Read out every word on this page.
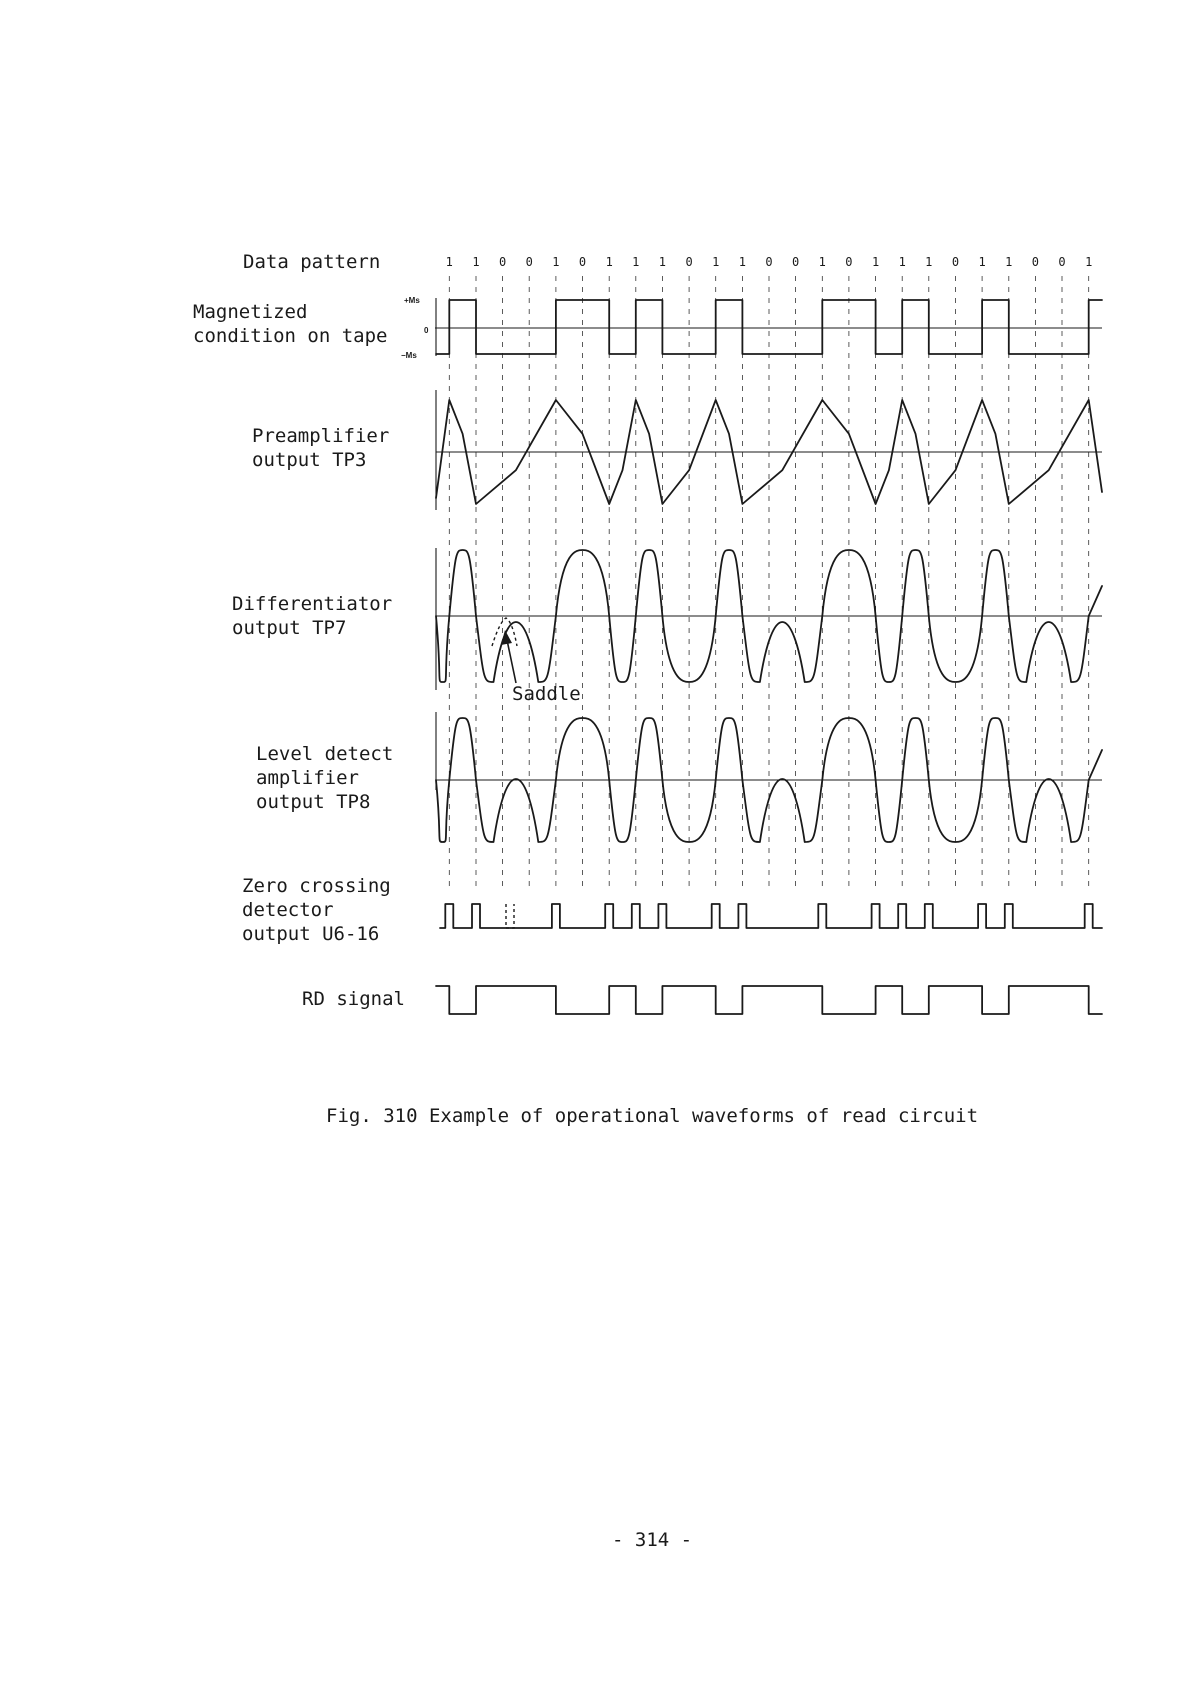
Data pattern
Magnetized
condition on tape
Preamplifier
output TP3
Differentiator
output TP7
Level detect
amplifier
output TP8
Zero crossing
detector
output U6-16
RD signal
+Ms
0
−Ms
1 1 0 0 1 0 1 1 1 0 1 1 0 0 1 0 1 1 1 0 1 1 0 0 1
Saddle
Fig. 310 Example of operational waveforms of read circuit
- 314 -
